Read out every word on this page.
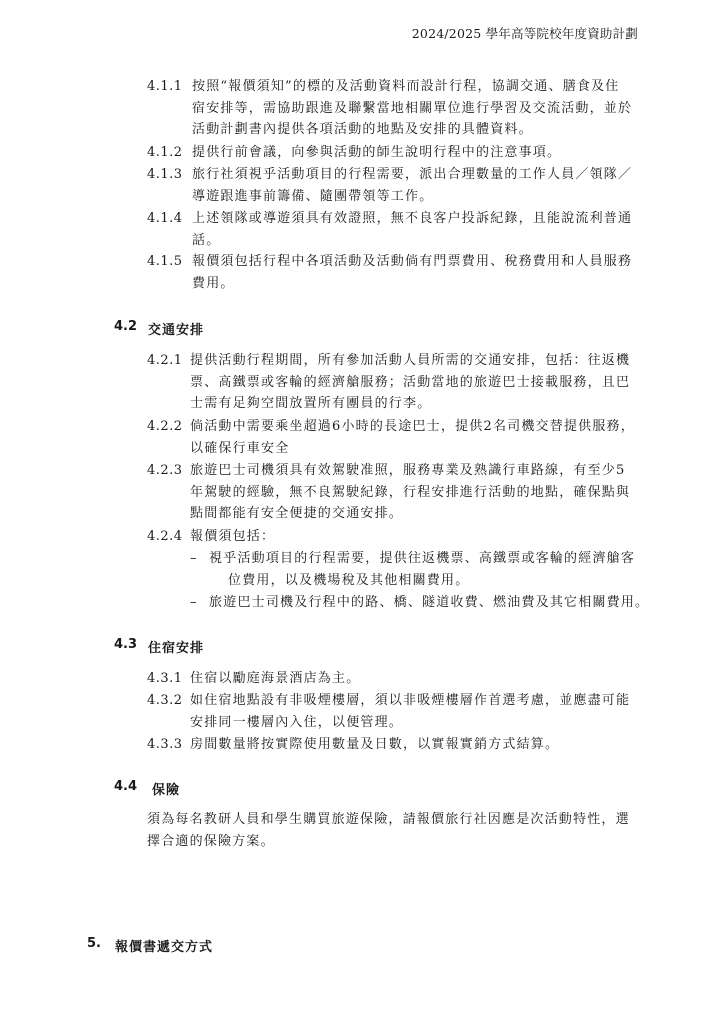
2024/2025 學年高等院校年度資助計劃
4.1.1 按照“報價須知”的標的及活動資料而設計行程，協調交通、膳食及住
宿安排等，需協助跟進及聯繫當地相關單位進行學習及交流活動，並於
活動計劃書內提供各項活動的地點及安排的具體資料。
4.1.2 提供行前會議，向參與活動的師生說明行程中的注意事項。
4.1.3 旅行社須視乎活動項目的行程需要，派出合理數量的工作人員／領隊／
導遊跟進事前籌備、隨團帶領等工作。
4.1.4 上述領隊或導遊須具有效證照，無不良客户投訴紀錄，且能說流利普通
話。
4.1.5 報價須包括行程中各項活動及活動倘有門票費用、稅務費用和人員服務
費用。
4.2 交通安排
4.2.1 提供活動行程期間，所有參加活動人員所需的交通安排，包括：往返機
票、高鐵票或客輪的經濟艙服務；活動當地的旅遊巴士接載服務，且巴
士需有足夠空間放置所有團員的行李。
4.2.2 倘活動中需要乘坐超過6小時的長途巴士，提供2名司機交替提供服務，
以確保行車安全
4.2.3 旅遊巴士司機須具有效駕駛准照，服務專業及熟識行車路線，有至少5
年駕駛的經驗，無不良駕駛紀錄，行程安排進行活動的地點，確保點與
點間都能有安全便捷的交通安排。
4.2.4 報價須包括：
– 視乎活動項目的行程需要，提供往返機票、高鐵票或客輪的經濟艙客
位費用，以及機場稅及其他相關費用。
– 旅遊巴士司機及行程中的路、橋、隧道收費、燃油費及其它相關費用。
4.3 住宿安排
4.3.1 住宿以勵庭海景酒店為主。
4.3.2 如住宿地點設有非吸煙樓層，須以非吸煙樓層作首選考慮，並應盡可能
安排同一樓層內入住，以便管理。
4.3.3 房間數量將按實際使用數量及日數，以實報實銷方式結算。
4.4 保險
須為每名教研人員和學生購買旅遊保險，請報價旅行社因應是次活動特性，選
擇合適的保險方案。
5. 報價書遞交方式
